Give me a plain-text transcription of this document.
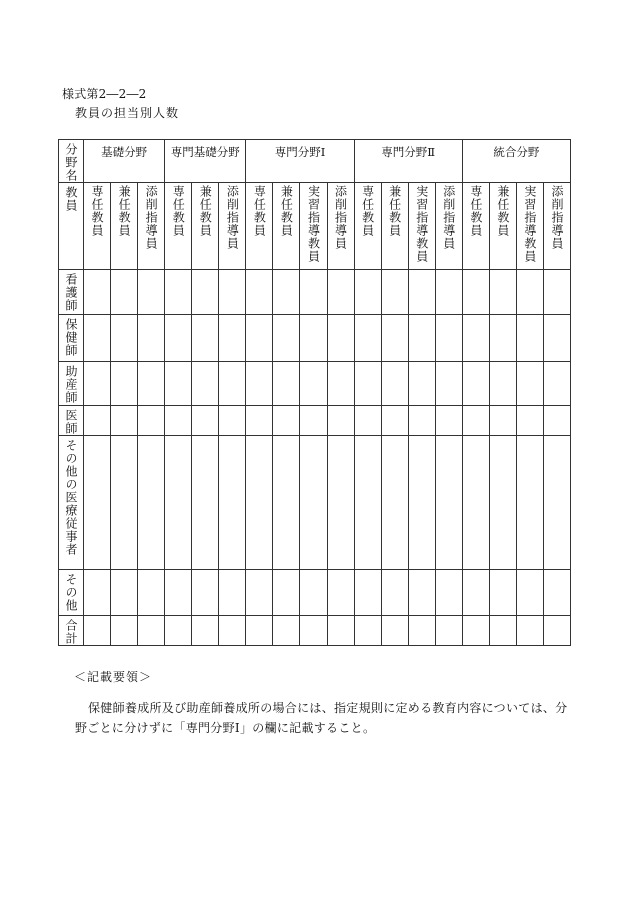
様式第2―2―2
教員の担当別人数
分野名	基礎分野			専門基礎分野			専門分野Ⅰ				専門分野Ⅱ				統合分野			

教員	専任教員	兼任教員	添削指導員	専任教員	兼任教員	添削指導員	専任教員	兼任教員	実習指導教員	添削指導員	専任教員	兼任教員	実習指導教員	添削指導員	専任教員	兼任教員	実習指導教員	添削指導員

看護師																		

保健師																		

助産師																		

医師																		

その他の医療従事者																		

その他																		

合計																		

＜記載要領＞
保健師養成所及び助産師養成所の場合には、指定規則に定める教育内容については、分野ごとに分けずに「専門分野Ⅰ」の欄に記載すること。
